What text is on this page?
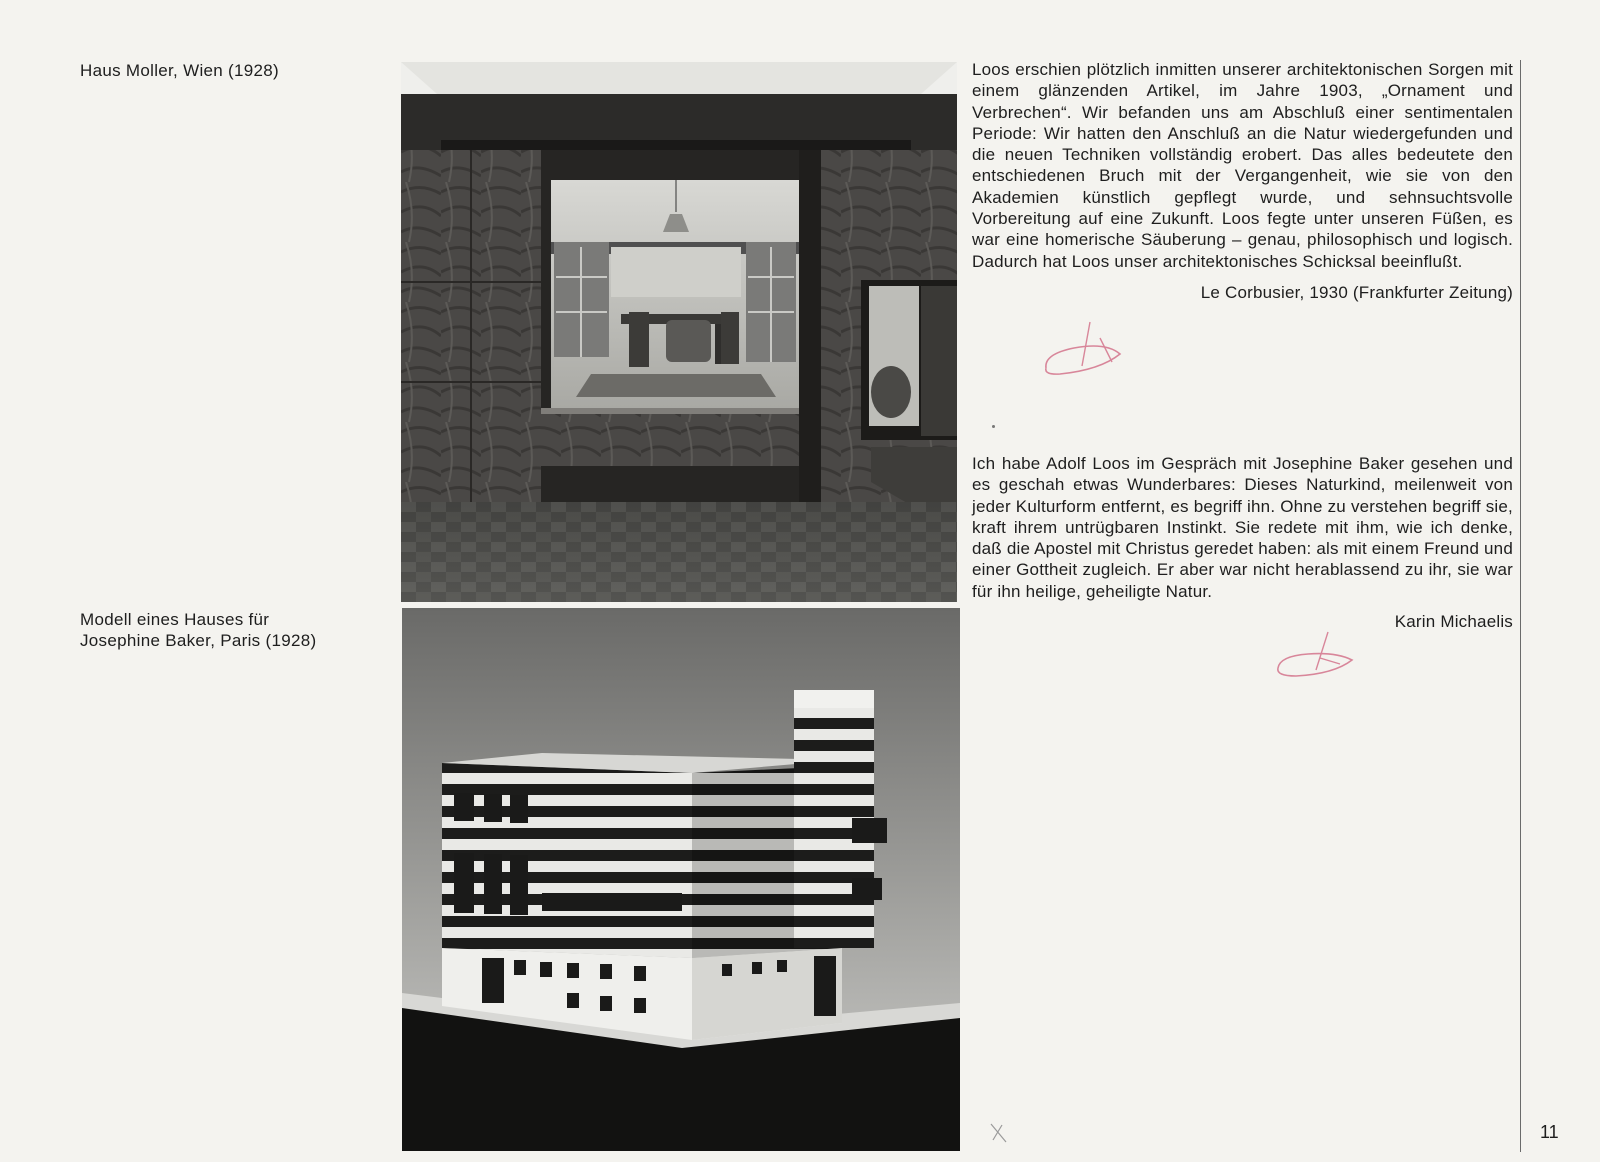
Haus Moller, Wien (1928)
Modell eines Hauses für
Josephine Baker, Paris (1928)
Loos erschien plötzlich inmitten unserer architektonischen Sorgen mit einem glänzenden Artikel, im Jahre 1903, „Ornament und Verbrechen“. Wir befanden uns am Abschluß einer sentimentalen Periode: Wir hatten den Anschluß an die Natur wiedergefunden und die neuen Techniken vollständig erobert. Das alles bedeutete den entschiedenen Bruch mit der Vergangenheit, wie sie von den Akademien künstlich gepflegt wurde, und sehnsuchtsvolle Vorbereitung auf eine Zukunft. Loos fegte unter unseren Füßen, es war eine homerische Säuberung – genau, philosophisch und logisch. Dadurch hat Loos unser architektonisches Schicksal beeinflußt.
Le Corbusier, 1930 (Frankfurter Zeitung)
Ich habe Adolf Loos im Gespräch mit Josephine Baker gesehen und es geschah etwas Wunderbares: Dieses Naturkind, meilenweit von jeder Kulturform entfernt, es begriff ihn. Ohne zu verstehen begriff sie, kraft ihrem untrügbaren Instinkt. Sie redete mit ihm, wie ich denke, daß die Apostel mit Christus geredet haben: als mit einem Freund und einer Gottheit zugleich. Er aber war nicht herablassend zu ihr, sie war für ihn heilige, geheiligte Natur.
Karin Michaelis
11
